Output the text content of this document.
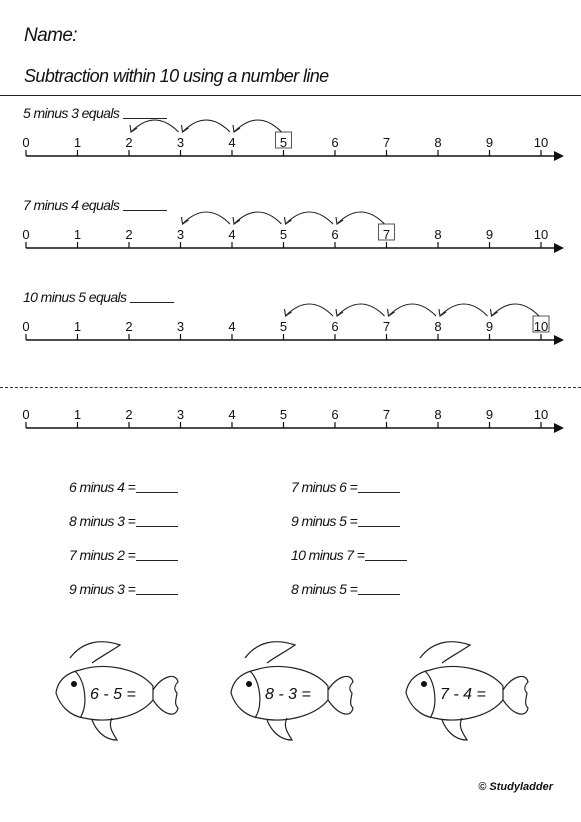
Name:
Subtraction within 10 using a number line
5 minus 3 equals
0	1	2	3	4	5	6	7	8	9	10
7 minus 4 equals
0	1	2	3	4	5	6	7	8	9	10
10 minus 5 equals
0	1	2	3	4	5	6	7	8	9	10
0	1	2	3	4	5	6	7	8	9	10
6 minus 4 =
8 minus 3 =
7 minus 2 =
9 minus 3 =
7 minus 6 =
9 minus 5 =
10 minus 7 =
8 minus 5 =
6 - 5 =	8 - 3 =	7 - 4 =
© Studyladder
